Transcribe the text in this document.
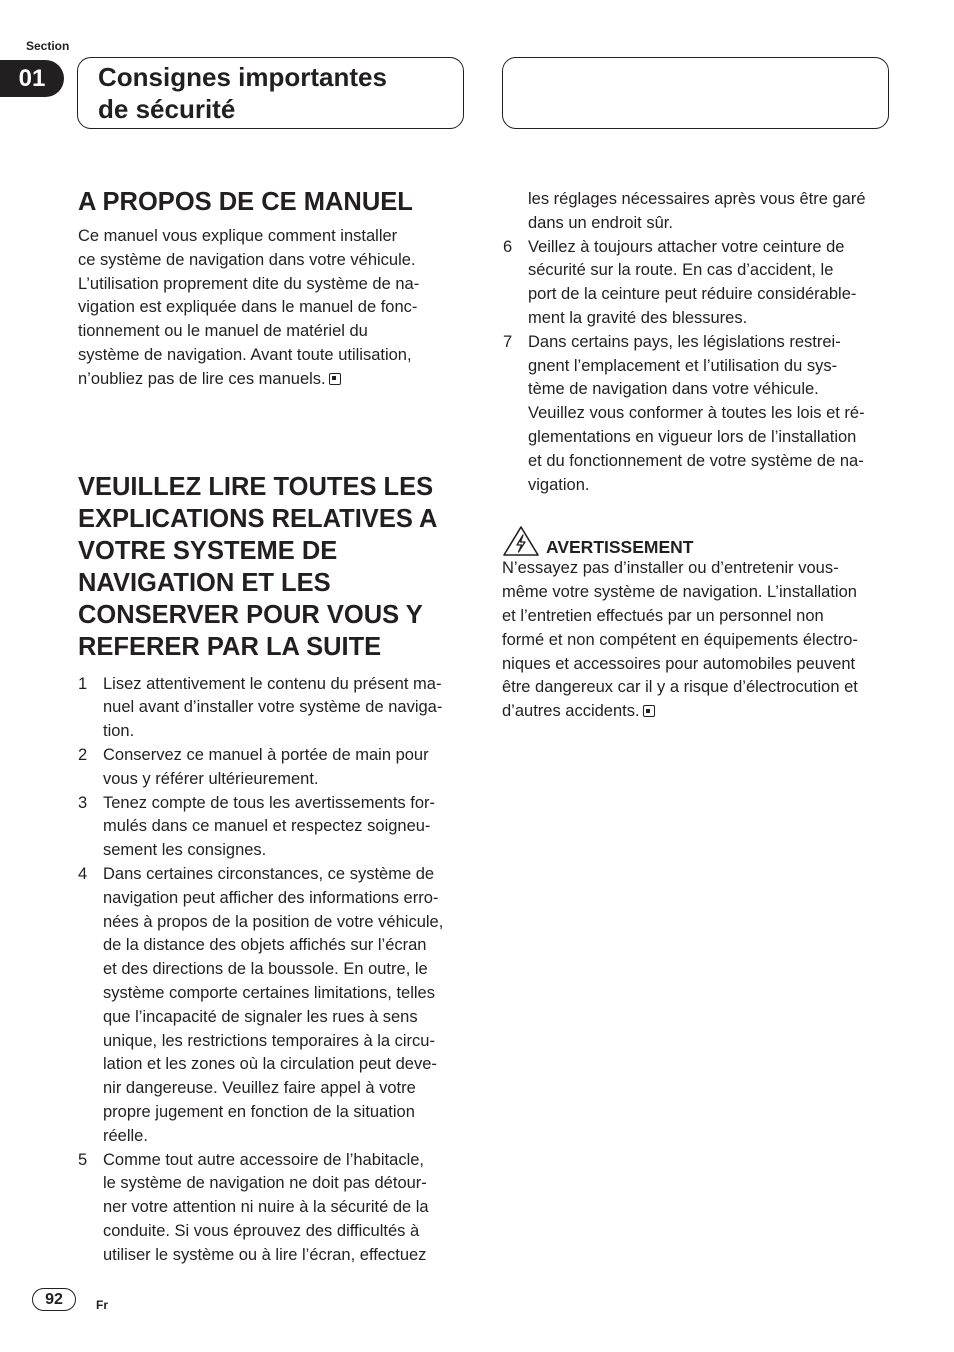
Section
01	Consignes importantes
de sécurité
A PROPOS DE CE MANUEL

Ce manuel vous explique comment installer
ce système de navigation dans votre véhicule.
L’utilisation proprement dite du système de na-
vigation est expliquée dans le manuel de fonc-
tionnement ou le manuel de matériel du
système de navigation. Avant toute utilisation,
n’oubliez pas de lire ces manuels.

VEUILLEZ LIRE TOUTES LES
EXPLICATIONS RELATIVES A
VOTRE SYSTEME DE
NAVIGATION ET LES
CONSERVER POUR VOUS Y
REFERER PAR LA SUITE
1 Lisez attentivement le contenu du présent ma-
nuel avant d’installer votre système de naviga-
tion.
2 Conservez ce manuel à portée de main pour
vous y référer ultérieurement.
3 Tenez compte de tous les avertissements for-
mulés dans ce manuel et respectez soigneu-
sement les consignes.
4 Dans certaines circonstances, ce système de
navigation peut afficher des informations erro-
nées à propos de la position de votre véhicule,
de la distance des objets affichés sur l’écran
et des directions de la boussole. En outre, le
système comporte certaines limitations, telles
que l’incapacité de signaler les rues à sens
unique, les restrictions temporaires à la circu-
lation et les zones où la circulation peut deve-
nir dangereuse. Veuillez faire appel à votre
propre jugement en fonction de la situation
réelle.
5 Comme tout autre accessoire de l’habitacle,
le système de navigation ne doit pas détour-
ner votre attention ni nuire à la sécurité de la
conduite. Si vous éprouvez des difficultés à
utiliser le système ou à lire l’écran, effectuez

les réglages nécessaires après vous être garé
dans un endroit sûr.

6 Veillez à toujours attacher votre ceinture de
sécurité sur la route. En cas d’accident, le
port de la ceinture peut réduire considérable-
ment la gravité des blessures.
7 Dans certains pays, les législations restrei-
gnent l’emplacement et l’utilisation du sys-
tème de navigation dans votre véhicule.
Veuillez vous conformer à toutes les lois et ré-
glementations en vigueur lors de l’installation
et du fonctionnement de votre système de na-
vigation.
AVERTISSEMENT

N’essayez pas d’installer ou d’entretenir vous-
même votre système de navigation. L’installation
et l’entretien effectués par un personnel non
formé et non compétent en équipements électro-
niques et accessoires pour automobiles peuvent
être dangereux car il y a risque d’électrocution et
d’autres accidents.

92	Fr
